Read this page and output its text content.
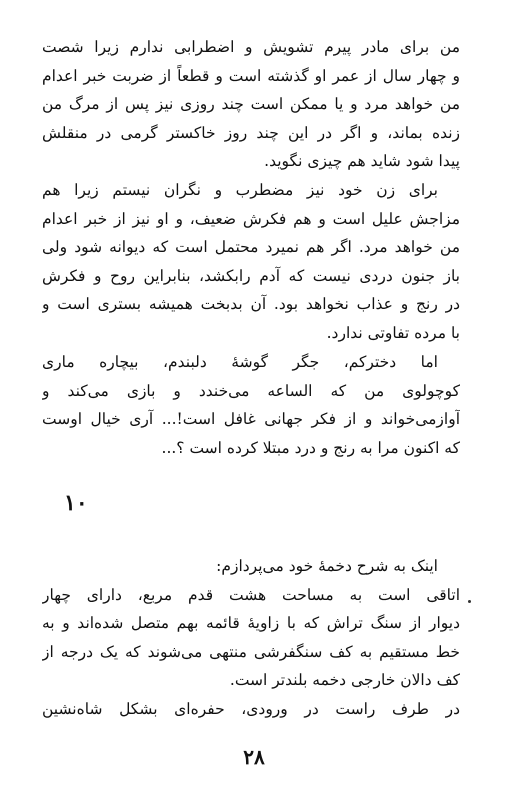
من برای مادر پیرم تشویش و اضطرابی ندارم زیرا شصت
و چهار سال از عمر او گذشته است و قطعاً از ضربت خبر اعدام
من خواهد مرد و یا ممکن است چند روزی نیز پس از مرگ من
زنده بماند، و اگر در این چند روز خاکستر گرمی در منقلش
پیدا شود شاید هم چیزی نگوید.
برای زن خود نیز مضطرب و نگران نیستم زیرا هم
مزاجش علیل است و هم فکرش ضعیف، و او نیز از خبر اعدام
من خواهد مرد. اگر هم نمیرد محتمل است که دیوانه شود ولی
باز جنون دردی نیست که آدم رابکشد، بنابراین روح و فکرش
در رنج و عذاب نخواهد بود. آن بدبخت همیشه بستری است و
با مرده تفاوتی ندارد.
اما دخترکم، جگر گوشهٔ دلبندم، بیچاره ماری
کوچولوی من که الساعه می‌خندد و بازی می‌کند و
آوازمی‌خواند و از فکر جهانی غافل است!... آری خیال اوست
که اکنون مرا به رنج و درد مبتلا کرده است ؟...
۱۰
اینک به شرح دخمهٔ خود می‌پردازم:
اتاقی است به مساحت هشت قدم مربع، دارای چهار
دیوار از سنگ تراش که با زاویهٔ قائمه بهم متصل شده‌اند و به
خط مستقیم به کف سنگفرشی منتهی می‌شوند که یک درجه از
کف دالان خارجی دخمه بلندتر است.
در طرف راست در ورودی، حفره‌ای بشکل شاه‌نشین
۲۸
